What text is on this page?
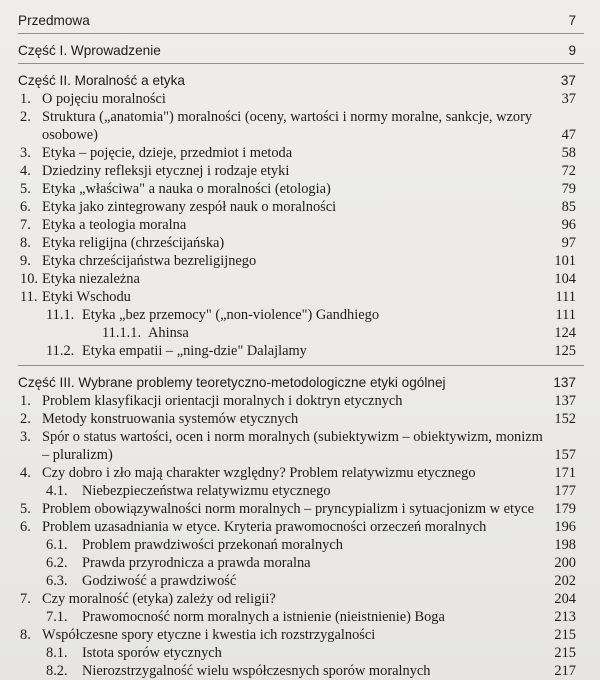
Przedmowa	7
Część I. Wprowadzenie	9
Część II. Moralność a etyka	37
1. O pojęciu moralności	37
2. Struktura („anatomia") moralności (oceny, wartości i normy moralne, sankcje, wzory
osobowe)	47
3. Etyka – pojęcie, dzieje, przedmiot i metoda	58
4. Dziedziny refleksji etycznej i rodzaje etyki	72
5. Etyka „właściwa" a nauka o moralności (etologia)	79
6. Etyka jako zintegrowany zespół nauk o moralności	85
7. Etyka a teologia moralna	96
8. Etyka religijna (chrześcijańska)	97
9. Etyka chrześcijaństwa bezreligijnego	101
10. Etyka niezależna	104
11. Etyki Wschodu	111
11.1. Etyka „bez przemocy" („non-violence") Gandhiego	111
11.1.1. Ahinsa	124
11.2. Etyka empatii – „ning-dzie" Dalajlamy	125
Część III. Wybrane problemy teoretyczno-metodologiczne etyki ogólnej	137
1. Problem klasyfikacji orientacji moralnych i doktryn etycznych	137
2. Metody konstruowania systemów etycznych	152
3. Spór o status wartości, ocen i norm moralnych (subiektywizm – obiektywizm, monizm
– pluralizm)	157
4. Czy dobro i zło mają charakter względny? Problem relatywizmu etycznego	171
4.1. Niebezpieczeństwa relatywizmu etycznego	177
5. Problem obowiązywalności norm moralnych – pryncypializm i sytuacjonizm w etyce 179
6. Problem uzasadniania w etyce. Kryteria prawomocności orzeczeń moralnych	196
6.1. Problem prawdziwości przekonań moralnych	198
6.2. Prawda przyrodnicza a prawda moralna	200
6.3. Godziwość a prawdziwość	202
7. Czy moralność (etyka) zależy od religii?	204
7.1. Prawomocność norm moralnych a istnienie (nieistnienie) Boga	213
8. Współczesne spory etyczne i kwestia ich rozstrzygalności	215
8.1. Istota sporów etycznych	215
8.2. Nierozstrzygalność wielu współczesnych sporów moralnych	217
